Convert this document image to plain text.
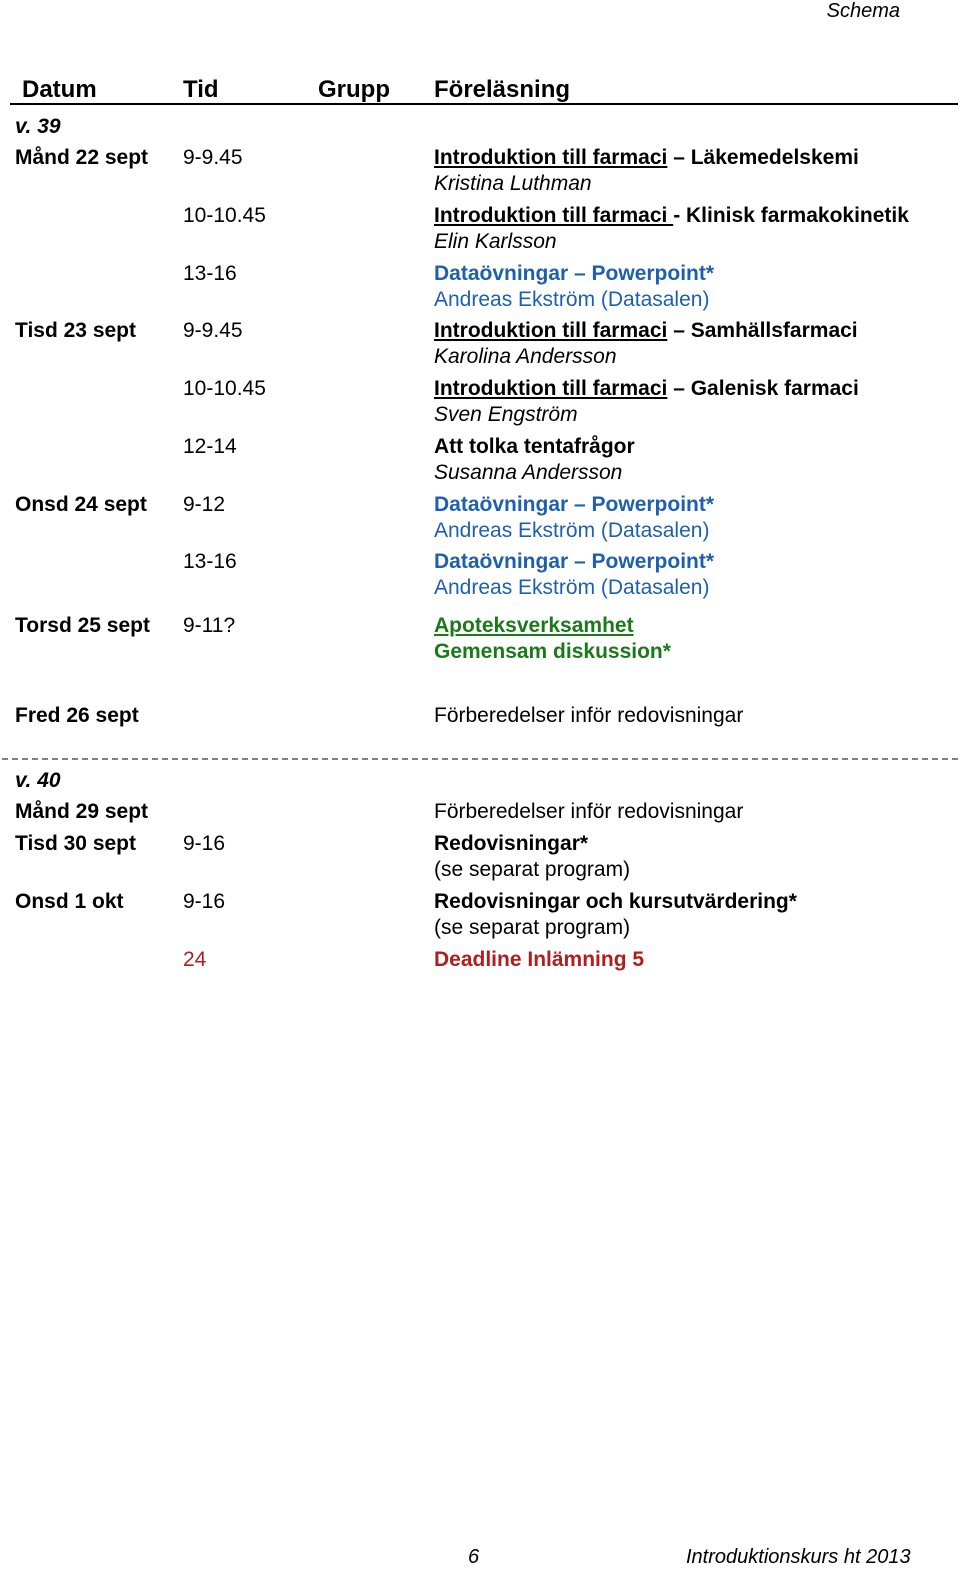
Schema
Datum	Tid	Grupp Föreläsning
v. 39
Månd 22 sept 9-9.45	Introduktion till farmaci – Läkemedelskemi
Kristina Luthman
10-10.45	Introduktion till farmaci - Klinisk farmakokinetik
Elin Karlsson
13-16	Dataövningar – Powerpoint*
Andreas Ekström (Datasalen)
Tisd 23 sept 9-9.45	Introduktion till farmaci – Samhällsfarmaci
Karolina Andersson
10-10.45	Introduktion till farmaci – Galenisk farmaci
Sven Engström
12-14	Att tolka tentafrågor
Susanna Andersson
Onsd 24 sept 9-12	Dataövningar – Powerpoint*
Andreas Ekström (Datasalen)
13-16	Dataövningar – Powerpoint*
Andreas Ekström (Datasalen)
Torsd 25 sept 9-11?	Apoteksverksamhet
Gemensam diskussion*
Fred 26 sept	Förberedelser inför redovisningar
v. 40
Månd 29 sept	Förberedelser inför redovisningar
Tisd 30 sept 9-16	Redovisningar*
(se separat program)
Onsd 1 okt	9-16	Redovisningar och kursutvärdering*
(se separat program)
24	Deadline Inlämning 5
6	Introduktionskurs ht 2013
